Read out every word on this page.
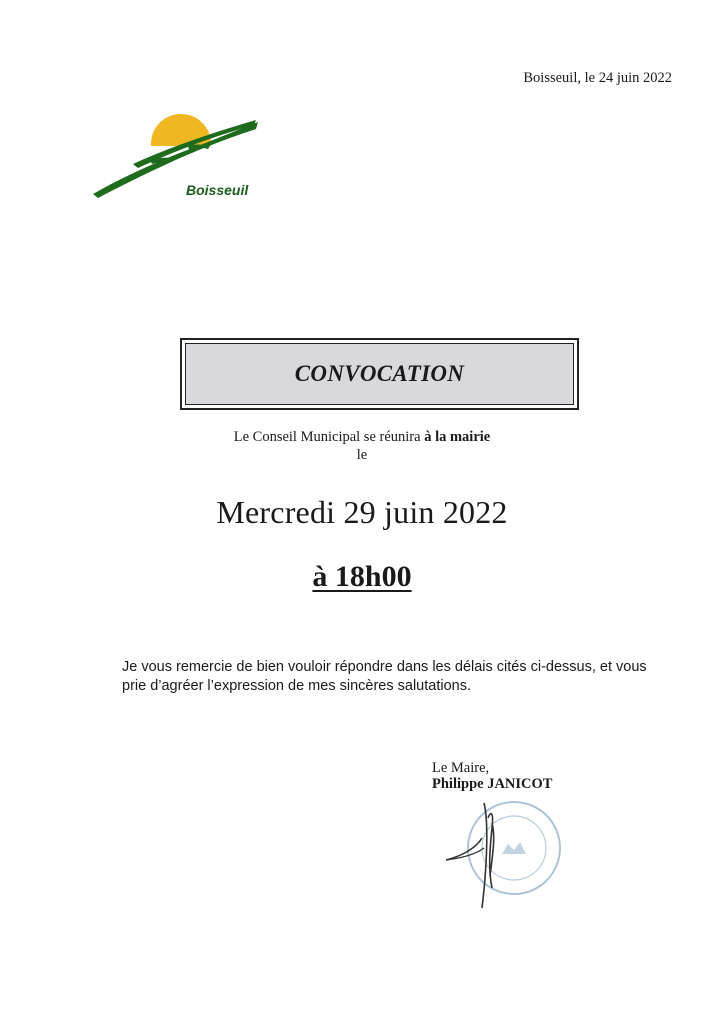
Boisseuil, le 24 juin 2022
Boisseuil
CONVOCATION
Le Conseil Municipal se réunira à la mairie
le
Mercredi 29 juin 2022
à 18h00
Je vous remercie de bien vouloir répondre dans les délais cités ci-dessus, et vous prie d’agréer l’expression de mes sincères salutations.
Le Maire,
Philippe JANICOT
